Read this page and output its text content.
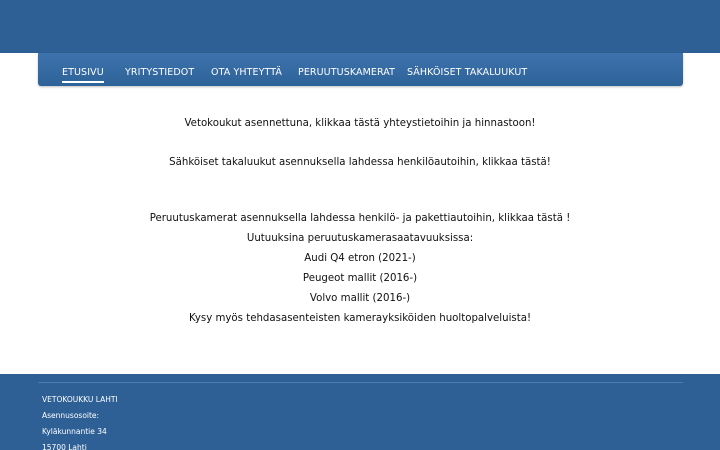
ETUSIVU YRITYSTIEDOT OTA YHTEYTTÄ PERUUTUSKAMERAT SÄHKÖISET TAKALUUKUT
Vetokoukut asennettuna, klikkaa tästä yhteystietoihin ja hinnastoon!
Sähköiset takaluukut asennuksella lahdessa henkilöautoihin, klikkaa tästä!
Peruutuskamerat asennuksella lahdessa henkilö- ja pakettiautoihin, klikkaa tästä !
Uutuuksina peruutuskamerasaatavuuksissa:
Audi Q4 etron (2021-)
Peugeot mallit (2016-)
Volvo mallit (2016-)
Kysy myös tehdasasenteisten kamerayksiköiden huoltopalveluista!
VETOKOUKKU LAHTI
Asennusosoite:
Kyläkunnantie 34
15700 Lahti
